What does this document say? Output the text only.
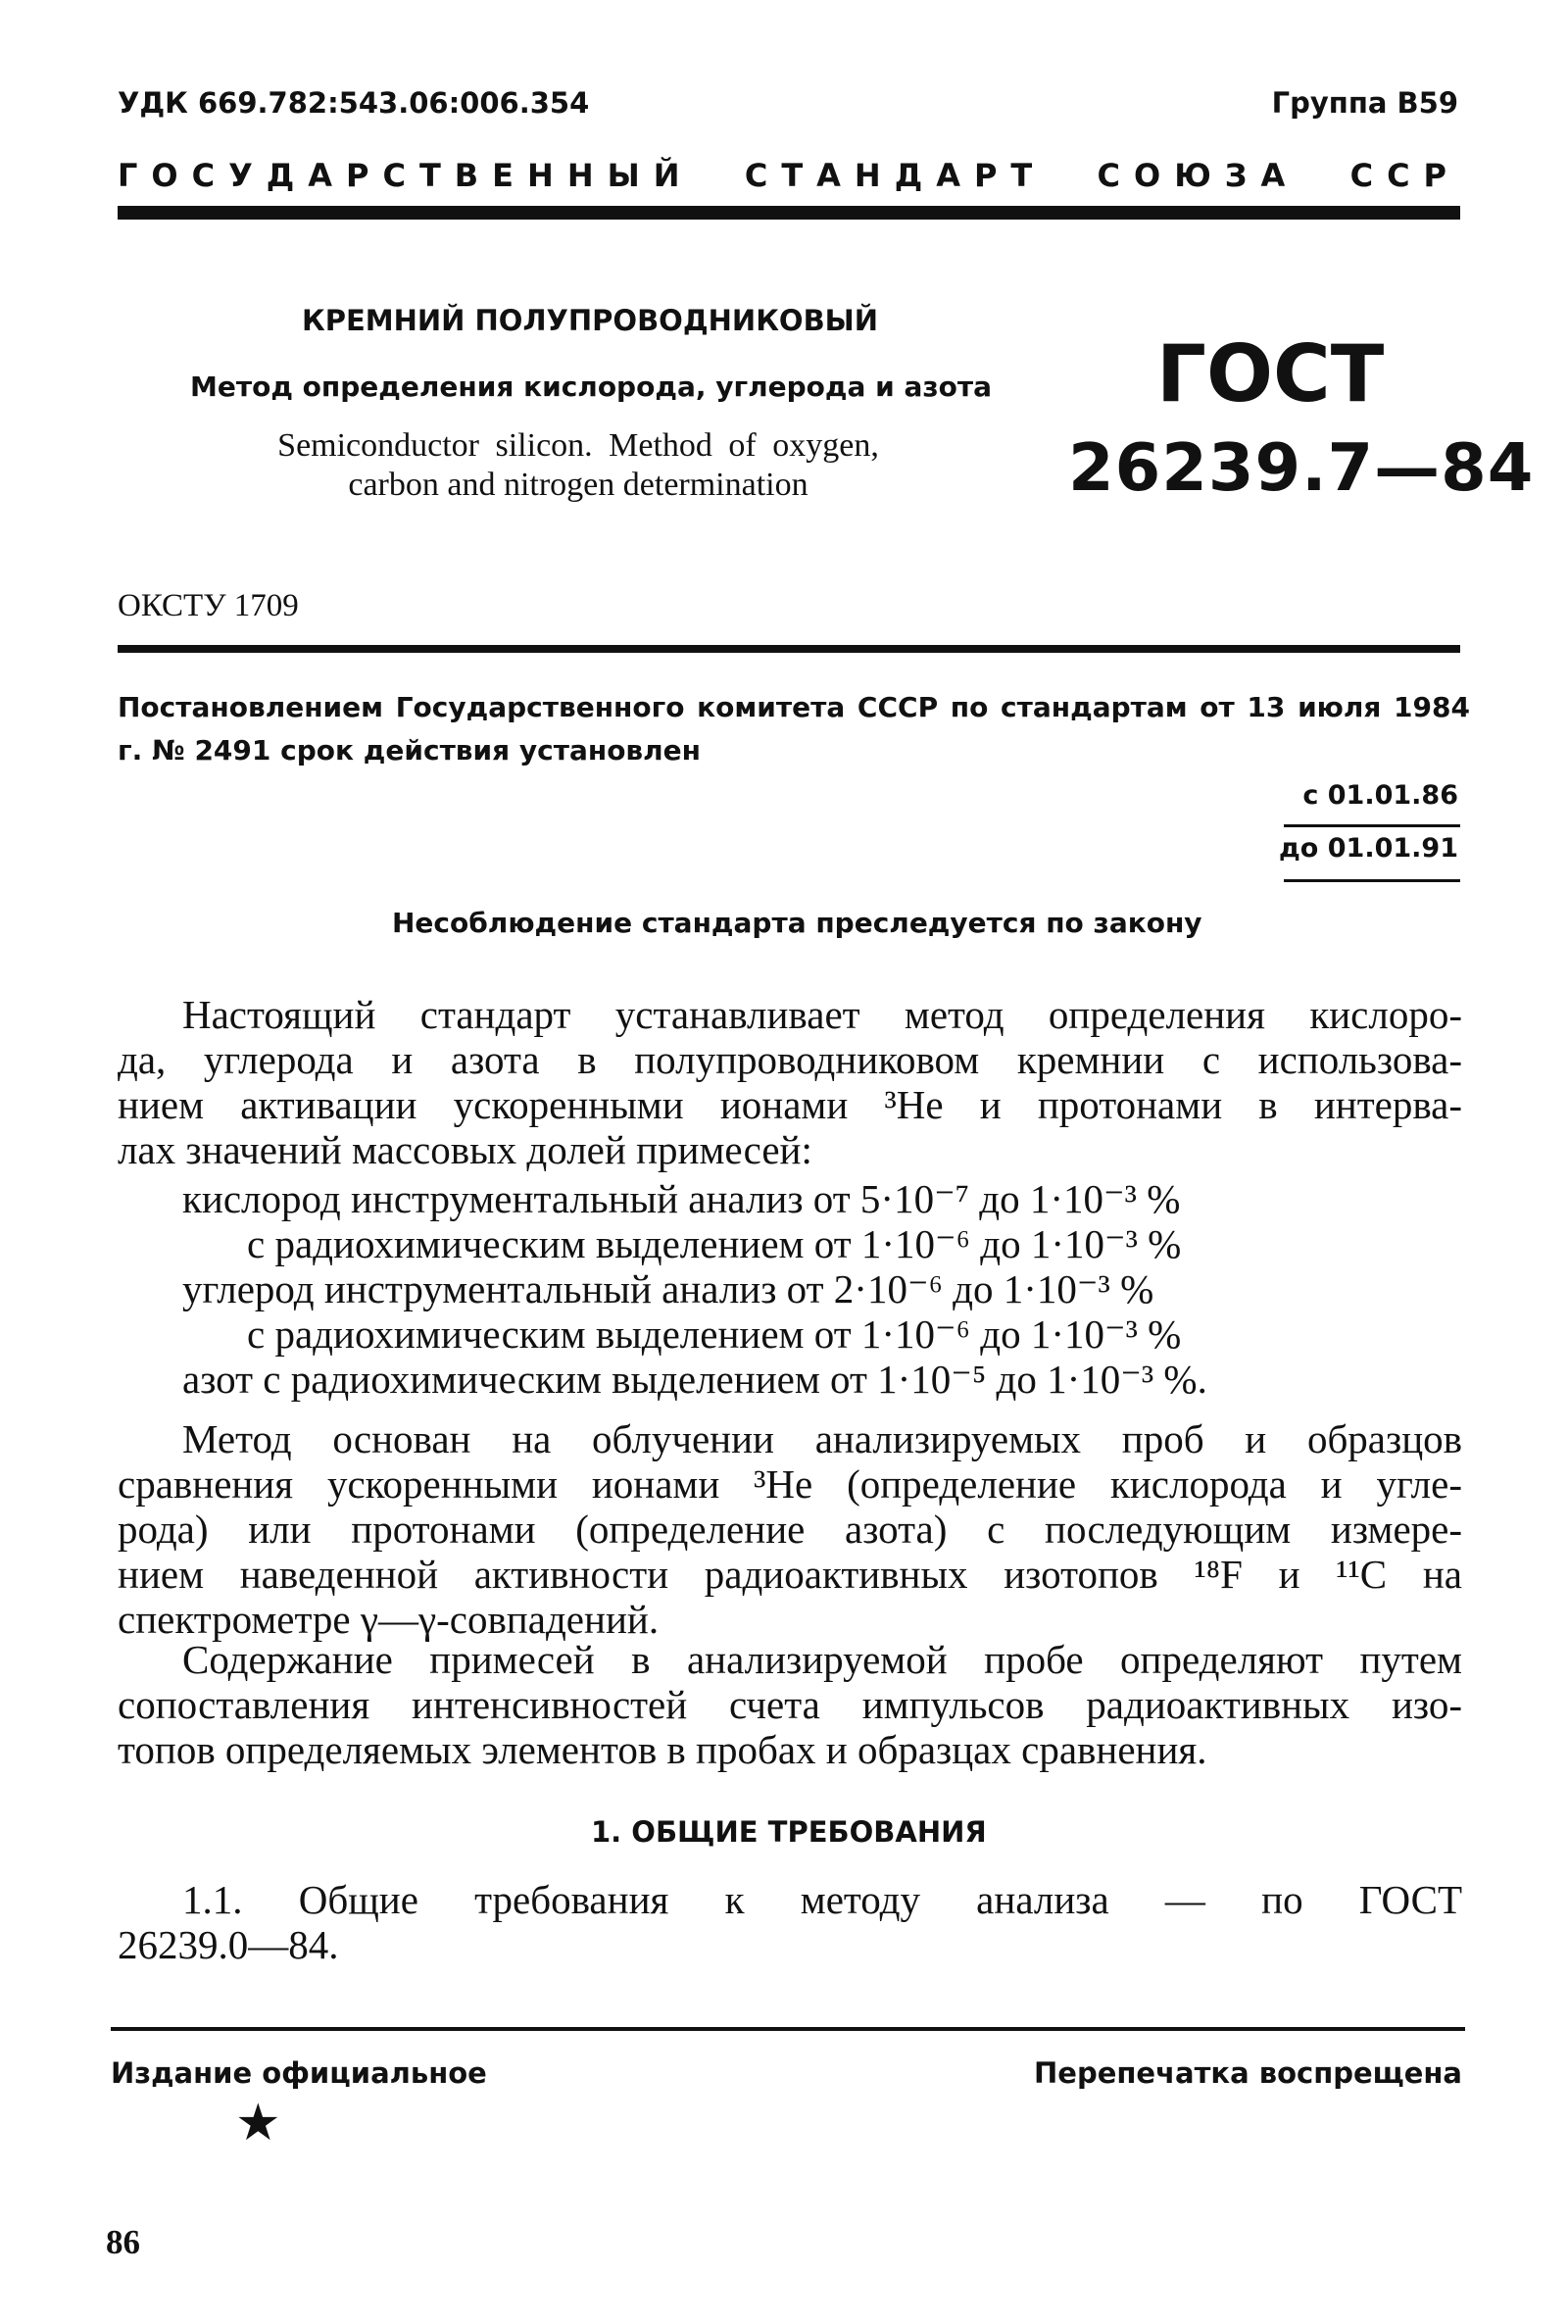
УДК 669.782:543.06:006.354	Группа В59
ГОСУДАРСТВЕННЫЙ СТАНДАРТ СОЮЗА ССР
КРЕМНИЙ ПОЛУПРОВОДНИКОВЫЙ
Метод определения кислорода, углерода и азота
Semiconductor silicon. Method of oxygen,
carbon and nitrogen determination
ГОСТ
26239.7—84
ОКСТУ 1709
Постановлением Государственного комитета СССР по стандартам от 13 июля 1984 г. № 2491 срок действия установлен
с 01.01.86
до 01.01.91
Несоблюдение стандарта преследуется по закону
Настоящий стандарт устанавливает метод определения кислоро-
да, углерода и азота в полупроводниковом кремнии с использова-
нием активации ускоренными ионами ³He и протонами в интерва-
лах значений массовых долей примесей:
кислород инструментальный анализ от 5·10⁻⁷ до 1·10⁻³ %
с радиохимическим выделением от 1·10⁻⁶ до 1·10⁻³ %
углерод инструментальный анализ от 2·10⁻⁶ до 1·10⁻³ %
с радиохимическим выделением от 1·10⁻⁶ до 1·10⁻³ %
азот с радиохимическим выделением от 1·10⁻⁵ до 1·10⁻³ %.
Метод основан на облучении анализируемых проб и образцов
сравнения ускоренными ионами ³He (определение кислорода и угле-
рода) или протонами (определение азота) с последующим измере-
нием наведенной активности радиоактивных изотопов ¹⁸F и ¹¹C на
спектрометре γ—γ-совпадений.
Содержание примесей в анализируемой пробе определяют путем
сопоставления интенсивностей счета импульсов радиоактивных изо-
топов определяемых элементов в пробах и образцах сравнения.
1. ОБЩИЕ ТРЕБОВАНИЯ
1.1. Общие требования к методу анализа — по ГОСТ
26239.0—84.
Издание официальное	Перепечатка воспрещена
★
86
